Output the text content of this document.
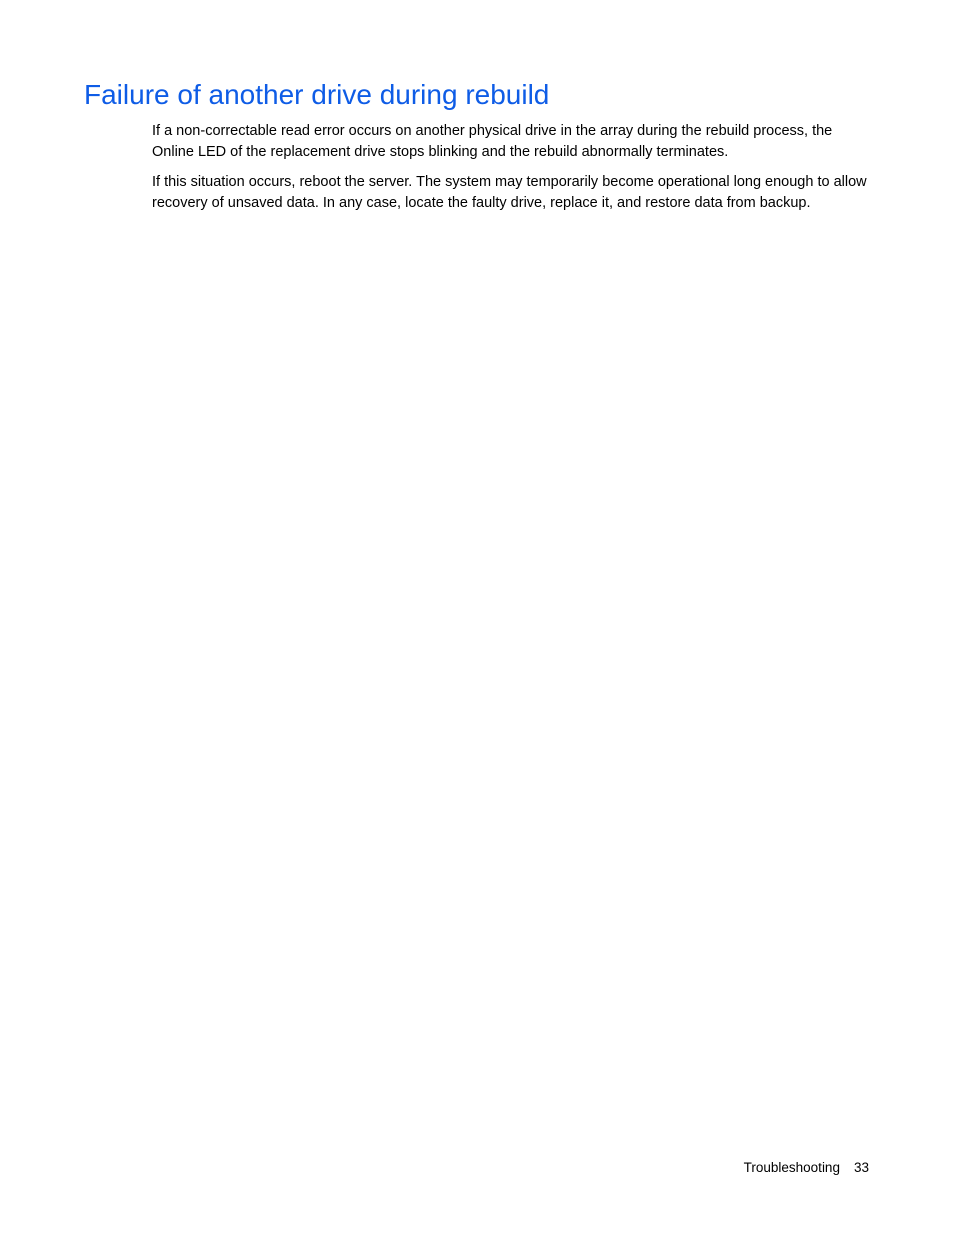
Failure of another drive during rebuild

If a non-correctable read error occurs on another physical drive in the array during the rebuild process, the Online LED of the replacement drive stops blinking and the rebuild abnormally terminates.

If this situation occurs, reboot the server. The system may temporarily become operational long enough to allow recovery of unsaved data. In any case, locate the faulty drive, replace it, and restore data from backup.

Troubleshooting 33
